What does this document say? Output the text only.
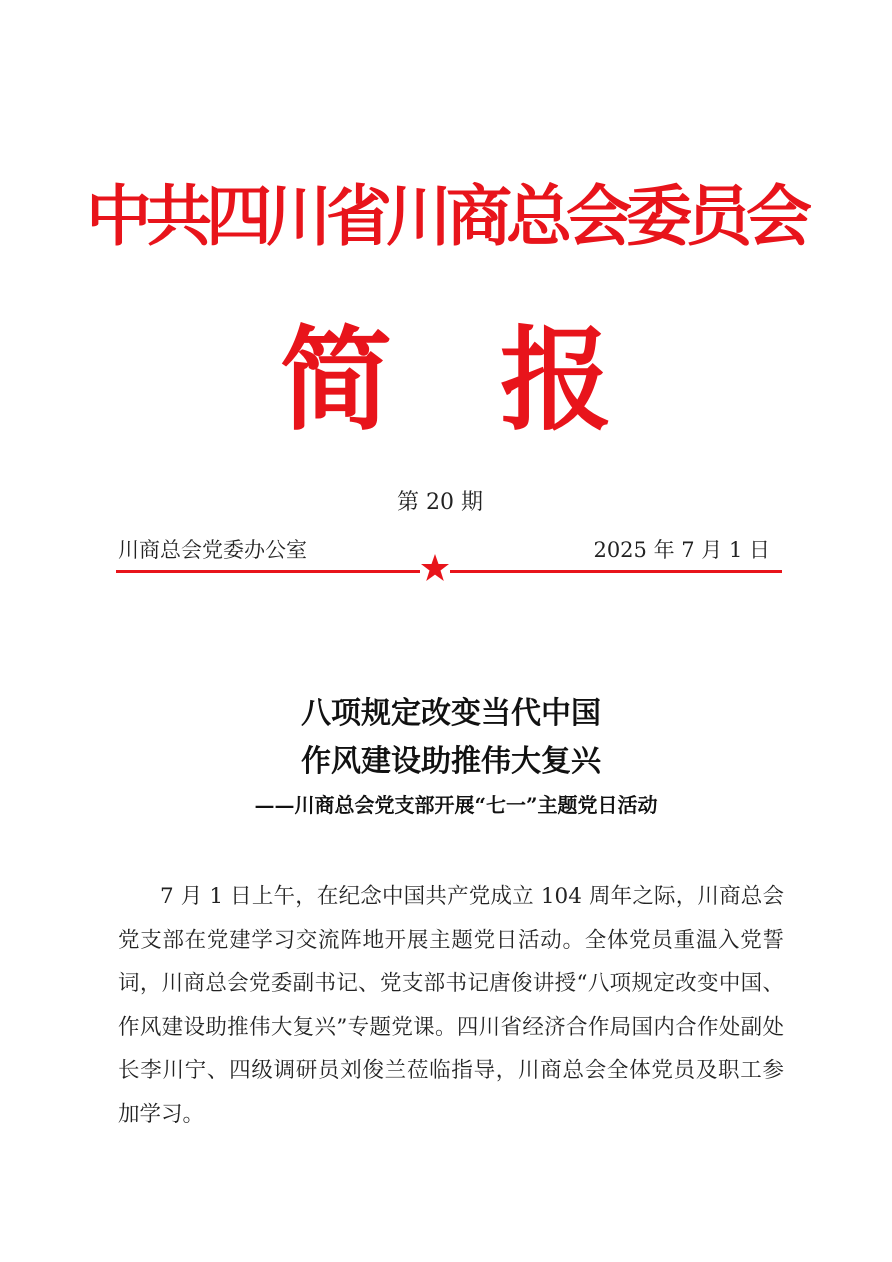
中共四川省川商总会委员会
简 报
第 20 期
川商总会党委办公室	2025 年 7 月 1 日
八项规定改变当代中国
作风建设助推伟大复兴
——川商总会党支部开展“七一”主题党日活动

7 月 1 日上午，在纪念中国共产党成立 104 周年之际，川商总会党支部在党建学习交流阵地开展主题党日活动。全体党员重温入党誓词，川商总会党委副书记、党支部书记唐俊讲授“八项规定改变中国、作风建设助推伟大复兴”专题党课。四川省经济合作局国内合作处副处长李川宁、四级调研员刘俊兰莅临指导，川商总会全体党员及职工参加学习。
